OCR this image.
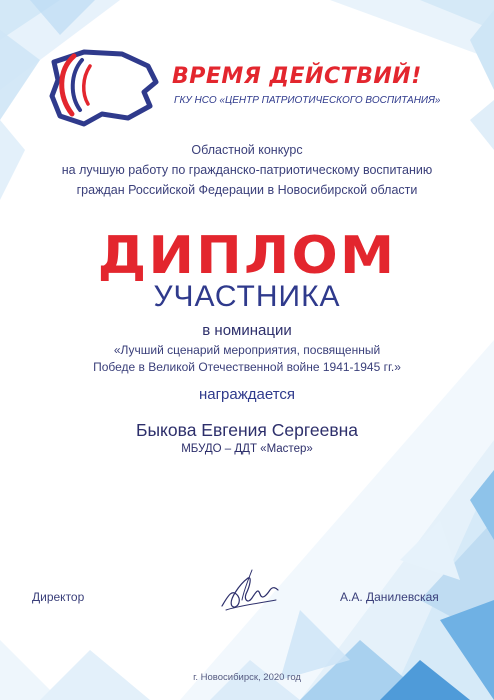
ВРЕМЯ ДЕЙСТВИЙ!
ГКУ НСО «ЦЕНТР ПАТРИОТИЧЕСКОГО ВОСПИТАНИЯ»
Областной конкурс
на лучшую работу по гражданско-патриотическому воспитанию
граждан Российской Федерации в Новосибирской области
ДИПЛОМ
УЧАСТНИКА
в номинации
«Лучший сценарий мероприятия, посвященный
Победе в Великой Отечественной войне 1941-1945 гг.»
награждается
Быкова Евгения Сергеевна
МБУДО – ДДТ «Мастер»
Директор	А.А. Данилевская
г. Новосибирск, 2020 год
